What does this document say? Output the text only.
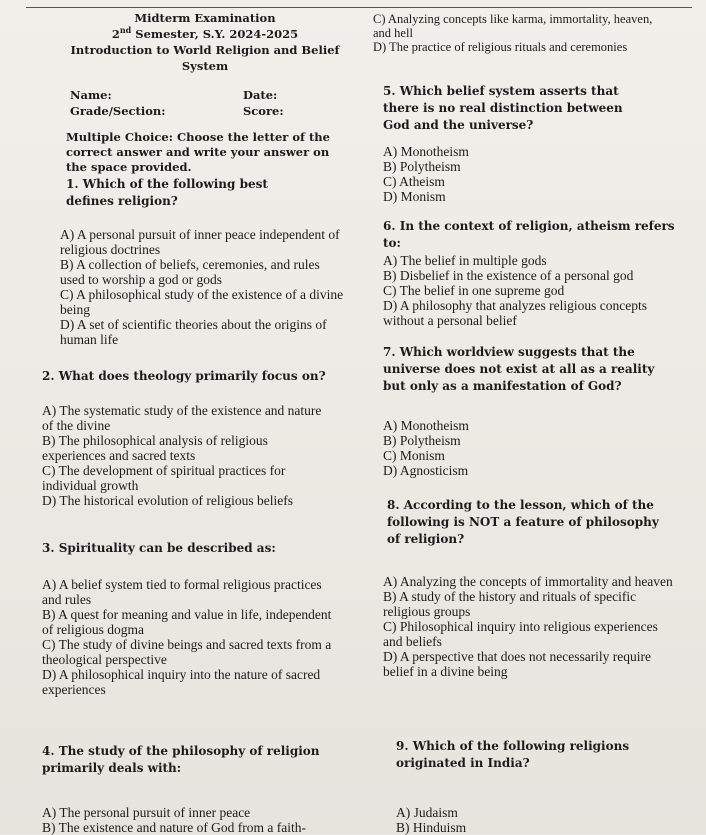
Midterm Examination
2nd Semester, S.Y. 2024-2025
Introduction to World Religion and Belief
System
Name:	Date:
Grade/Section:	Score:
Multiple Choice: Choose the letter of the correct answer and write your answer on the space provided.
1. Which of the following best defines religion?
A) A personal pursuit of inner peace independent of religious doctrines
B) A collection of beliefs, ceremonies, and rules used to worship a god or gods
C) A philosophical study of the existence of a divine being
D) A set of scientific theories about the origins of human life
2. What does theology primarily focus on?
A) The systematic study of the existence and nature of the divine
B) The philosophical analysis of religious experiences and sacred texts
C) The development of spiritual practices for individual growth
D) The historical evolution of religious beliefs
3. Spirituality can be described as:
A) A belief system tied to formal religious practices and rules
B) A quest for meaning and value in life, independent of religious dogma
C) The study of divine beings and sacred texts from a theological perspective
D) A philosophical inquiry into the nature of sacred experiences
4. The study of the philosophy of religion primarily deals with:
A) The personal pursuit of inner peace
B) The existence and nature of God from a faith-
C) Analyzing concepts like karma, immortality, heaven, and hell
D) The practice of religious rituals and ceremonies
5. Which belief system asserts that there is no real distinction between God and the universe?
A) Monotheism
B) Polytheism
C) Atheism
D) Monism
6. In the context of religion, atheism refers to:
A) The belief in multiple gods
B) Disbelief in the existence of a personal god
C) The belief in one supreme god
D) A philosophy that analyzes religious concepts without a personal belief
7. Which worldview suggests that the universe does not exist at all as a reality but only as a manifestation of God?
A) Monotheism
B) Polytheism
C) Monism
D) Agnosticism
8. According to the lesson, which of the following is NOT a feature of philosophy of religion?
A) Analyzing the concepts of immortality and heaven
B) A study of the history and rituals of specific religious groups
C) Philosophical inquiry into religious experiences and beliefs
D) A perspective that does not necessarily require belief in a divine being
9. Which of the following religions originated in India?
A) Judaism
B) Hinduism
